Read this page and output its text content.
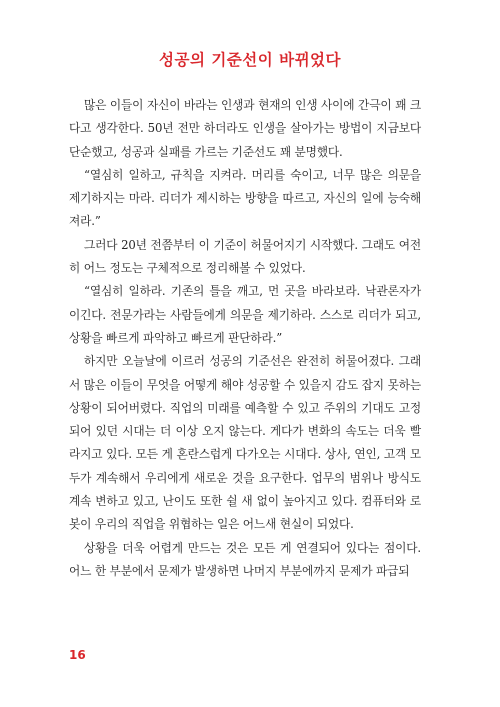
성공의 기준선이 바뀌었다

많은 이들이 자신이 바라는 인생과 현재의 인생 사이에 간극이 꽤 크다고 생각한다. 50년 전만 하더라도 인생을 살아가는 방법이 지금보다 단순했고, 성공과 실패를 가르는 기준선도 꽤 분명했다.

“열심히 일하고, 규칙을 지켜라. 머리를 숙이고, 너무 많은 의문을 제기하지는 마라. 리더가 제시하는 방향을 따르고, 자신의 일에 능숙해져라.”

그러다 20년 전쯤부터 이 기준이 허물어지기 시작했다. 그래도 여전히 어느 정도는 구체적으로 정리해볼 수 있었다.

“열심히 일하라. 기존의 틀을 깨고, 먼 곳을 바라보라. 낙관론자가 이긴다. 전문가라는 사람들에게 의문을 제기하라. 스스로 리더가 되고, 상황을 빠르게 파악하고 빠르게 판단하라.”

하지만 오늘날에 이르러 성공의 기준선은 완전히 허물어졌다. 그래서 많은 이들이 무엇을 어떻게 해야 성공할 수 있을지 감도 잡지 못하는 상황이 되어버렸다. 직업의 미래를 예측할 수 있고 주위의 기대도 고정되어 있던 시대는 더 이상 오지 않는다. 게다가 변화의 속도는 더욱 빨라지고 있다. 모든 게 혼란스럽게 다가오는 시대다. 상사, 연인, 고객 모두가 계속해서 우리에게 새로운 것을 요구한다. 업무의 범위나 방식도 계속 변하고 있고, 난이도 또한 쉴 새 없이 높아지고 있다. 컴퓨터와 로봇이 우리의 직업을 위협하는 일은 어느새 현실이 되었다.

상황을 더욱 어렵게 만드는 것은 모든 게 연결되어 있다는 점이다. 어느 한 부분에서 문제가 발생하면 나머지 부분에까지 문제가 파급되

16
